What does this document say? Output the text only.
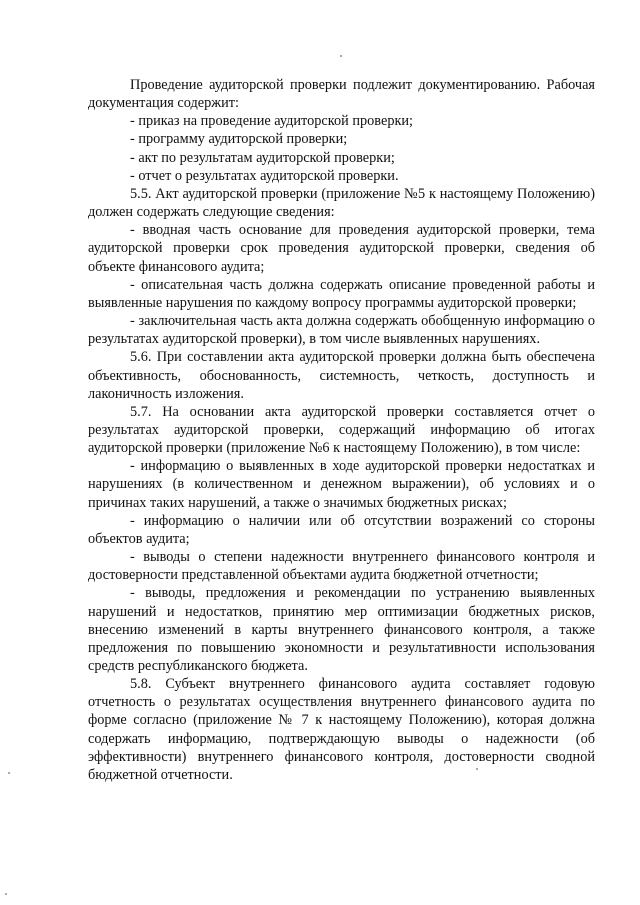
Проведение аудиторской проверки подлежит документированию. Рабочая документация содержит:

- приказ на проведение аудиторской проверки;

- программу аудиторской проверки;

- акт по результатам аудиторской проверки;

- отчет о результатах аудиторской проверки.

5.5. Акт аудиторской проверки (приложение №5 к настоящему Положению) должен содержать следующие сведения:

- вводная часть основание для проведения аудиторской проверки, тема аудиторской проверки срок проведения аудиторской проверки, сведения об объекте финансового аудита;

- описательная часть должна содержать описание проведенной работы и выявленные нарушения по каждому вопросу программы аудиторской проверки;

- заключительная часть акта должна содержать обобщенную информацию о результатах аудиторской проверки), в том числе выявленных нарушениях.

5.6. При составлении акта аудиторской проверки должна быть обеспечена объективность, обоснованность, системность, четкость, доступность и лаконичность изложения.

5.7. На основании акта аудиторской проверки составляется отчет о результатах аудиторской проверки, содержащий информацию об итогах аудиторской проверки (приложение №6 к настоящему Положению), в том числе:

- информацию о выявленных в ходе аудиторской проверки недостатках и нарушениях (в количественном и денежном выражении), об условиях и о причинах таких нарушений, а также о значимых бюджетных рисках;

- информацию о наличии или об отсутствии возражений со стороны объектов аудита;

- выводы о степени надежности внутреннего финансового контроля и достоверности представленной объектами аудита бюджетной отчетности;

- выводы, предложения и рекомендации по устранению выявленных нарушений и недостатков, принятию мер оптимизации бюджетных рисков, внесению изменений в карты внутреннего финансового контроля, а также предложения по повышению экономности и результативности использования средств республиканского бюджета.

5.8. Субъект внутреннего финансового аудита составляет годовую отчетность о результатах осуществления внутреннего финансового аудита по форме согласно (приложение № 7 к настоящему Положению), которая должна содержать информацию, подтверждающую выводы о надежности (об эффективности) внутреннего финансового контроля, достоверности сводной бюджетной отчетности.
